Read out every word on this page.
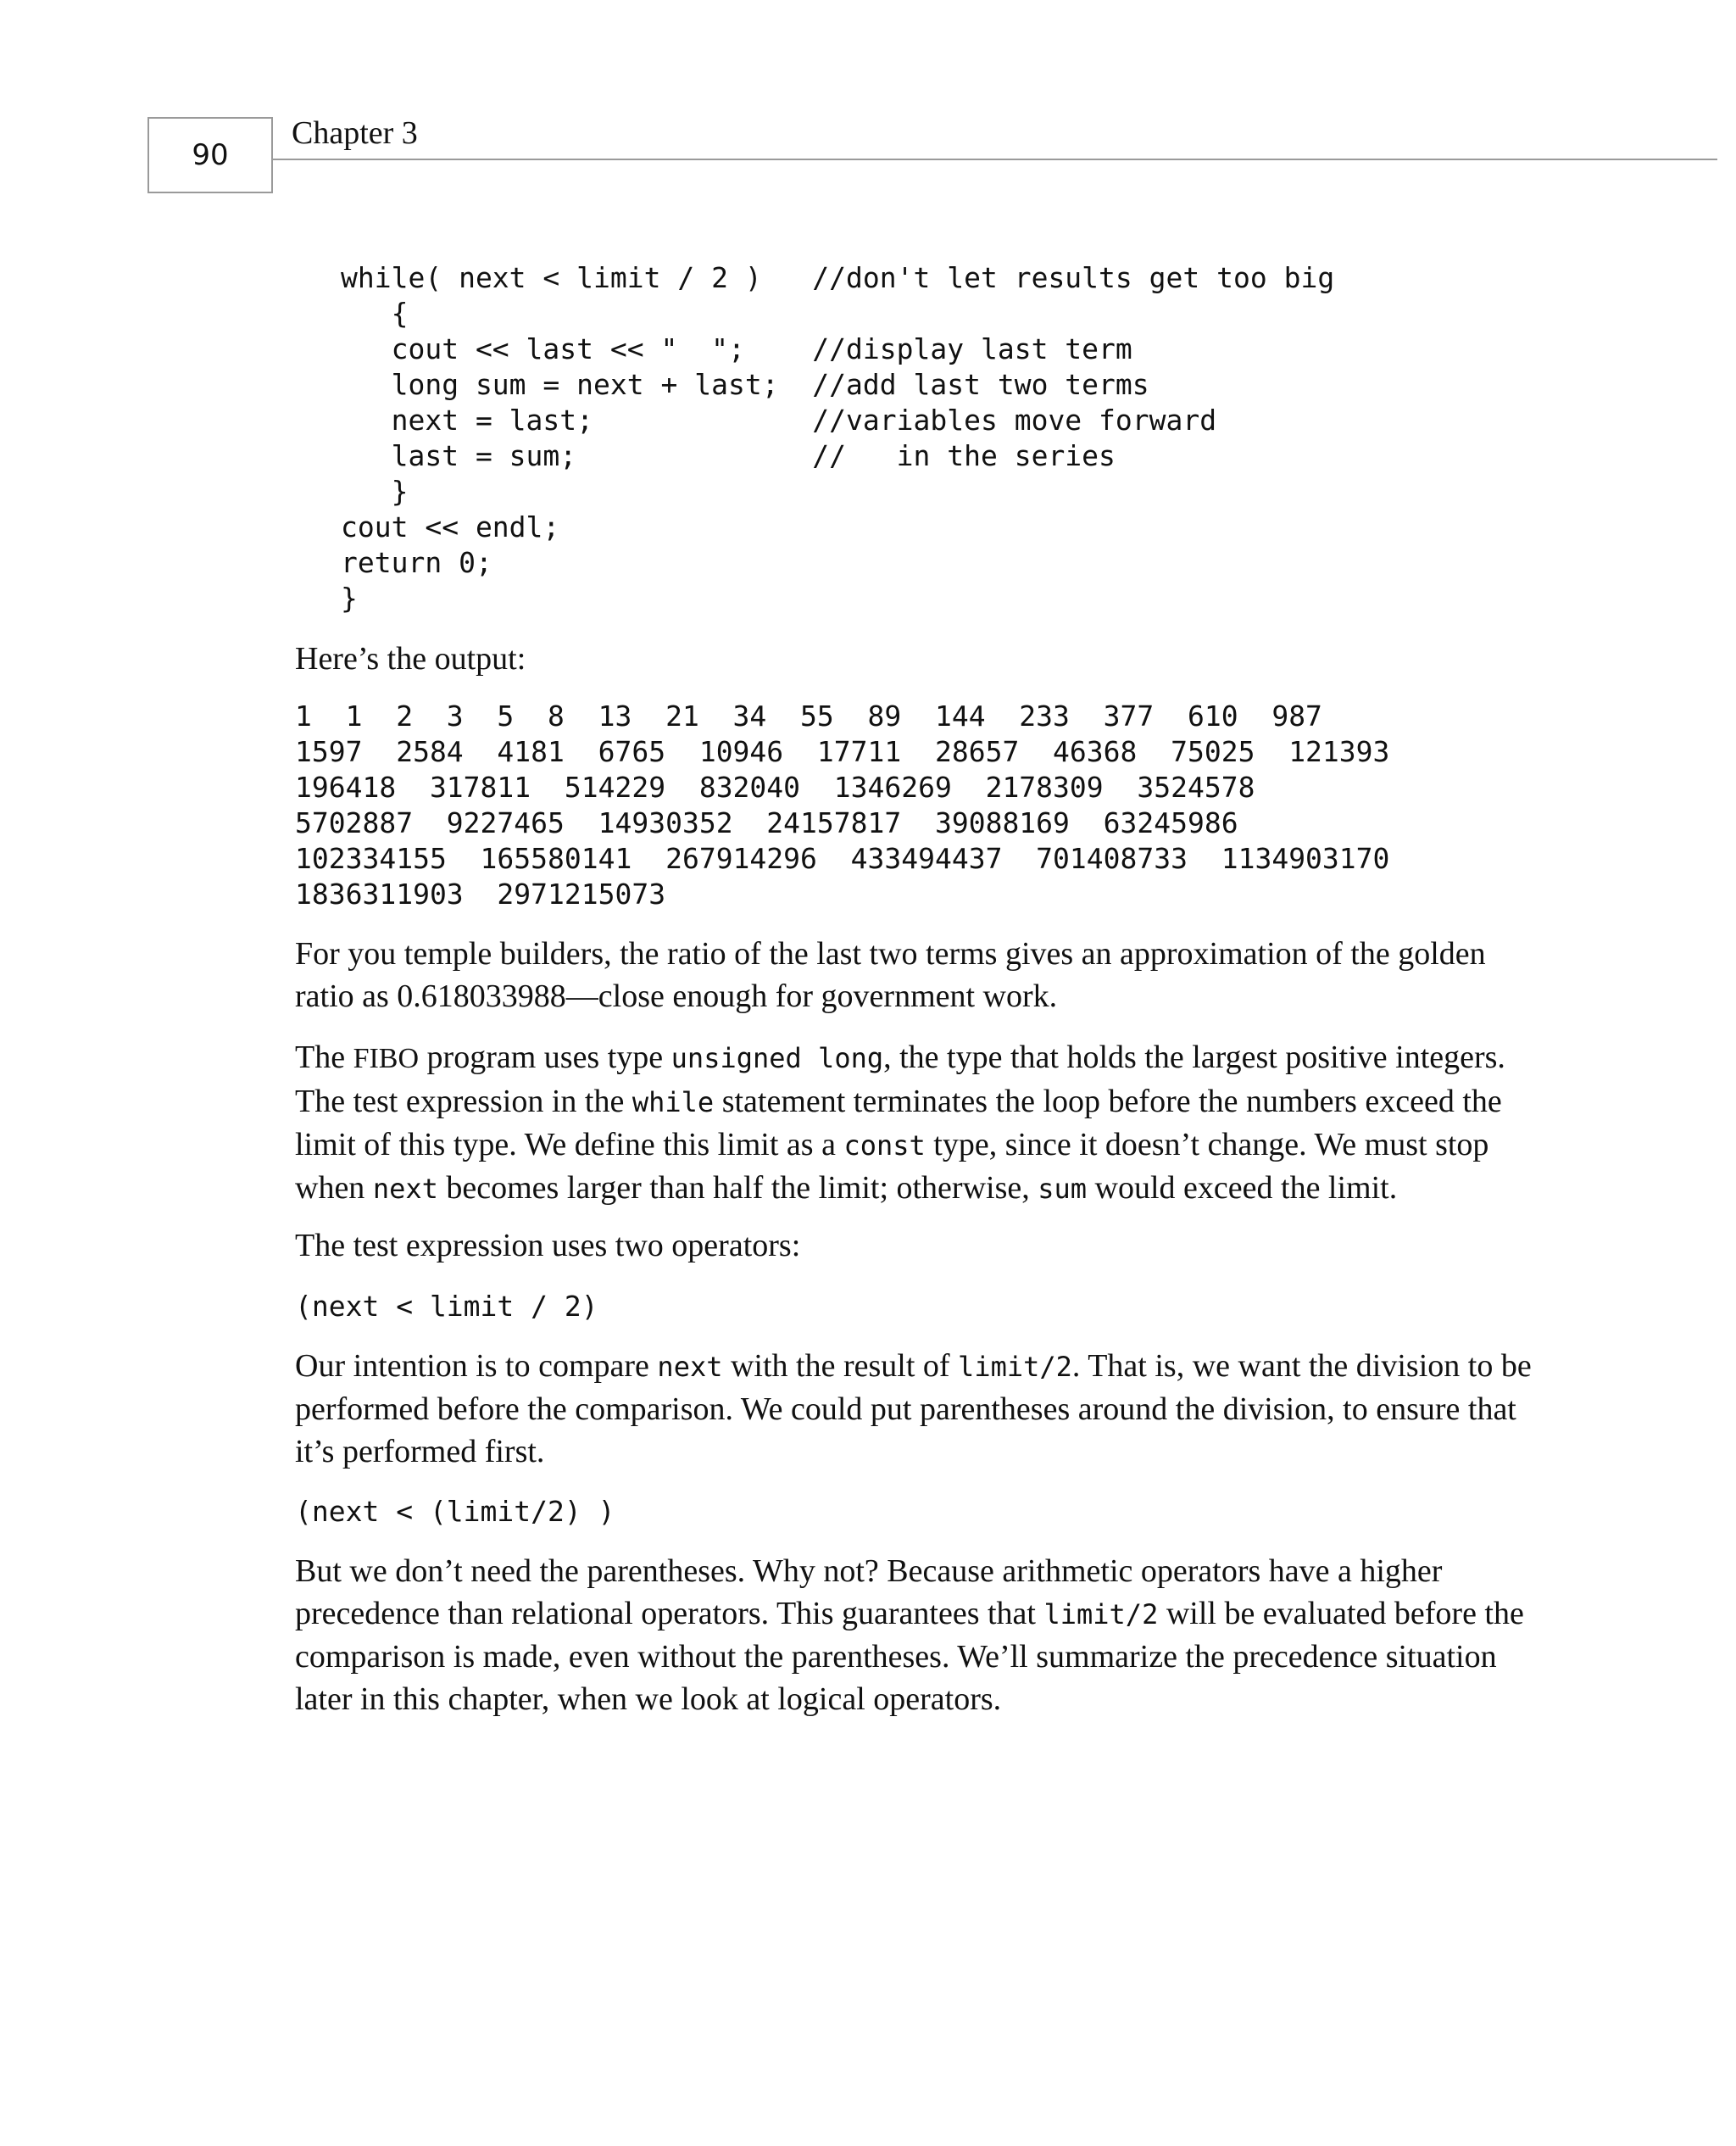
90
Chapter 3
while( next < limit / 2 )   //don't let results get too big
{
cout << last << "  ";    //display last term
long sum = next + last;  //add last two terms
next = last;             //variables move forward
last = sum;              //   in the series
}
cout << endl;
return 0;
}

Here’s the output:

1  1  2  3  5  8  13  21  34  55  89  144  233  377  610  987
1597  2584  4181  6765  10946  17711  28657  46368  75025  121393
196418  317811  514229  832040  1346269  2178309  3524578
5702887  9227465  14930352  24157817  39088169  63245986
102334155  165580141  267914296  433494437  701408733  1134903170
1836311903  2971215073

For you temple builders, the ratio of the last two terms gives an approximation of the golden ratio as 0.618033988—close enough for government work.

The FIBO program uses type unsigned long, the type that holds the largest positive integers. The test expression in the while statement terminates the loop before the numbers exceed the limit of this type. We define this limit as a const type, since it doesn’t change. We must stop when next becomes larger than half the limit; otherwise, sum would exceed the limit.

The test expression uses two operators:

(next < limit / 2)

Our intention is to compare next with the result of limit/2. That is, we want the division to be performed before the comparison. We could put parentheses around the division, to ensure that it’s performed first.

(next < (limit/2) )

But we don’t need the parentheses. Why not? Because arithmetic operators have a higher precedence than relational operators. This guarantees that limit/2 will be evaluated before the comparison is made, even without the parentheses. We’ll summarize the precedence situation later in this chapter, when we look at logical operators.
